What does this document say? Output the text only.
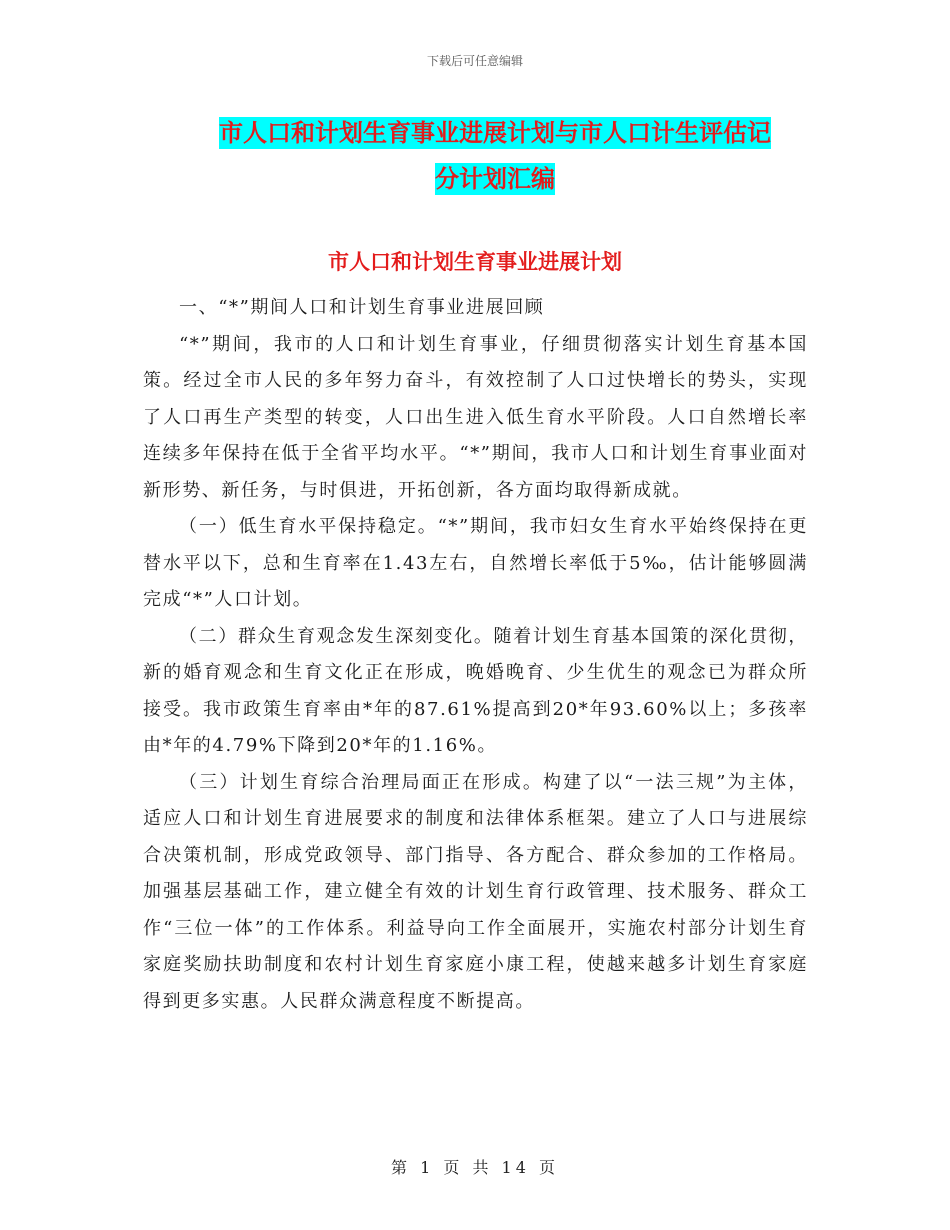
下载后可任意编辑
市人口和计划生育事业进展计划与市人口计生评估记
分计划汇编
市人口和计划生育事业进展计划

一、“*”期间人口和计划生育事业进展回顾

“*”期间，我市的人口和计划生育事业，仔细贯彻落实计划生育基本国策。经过全市人民的多年努力奋斗，有效控制了人口过快增长的势头，实现了人口再生产类型的转变，人口出生进入低生育水平阶段。人口自然增长率连续多年保持在低于全省平均水平。“*”期间，我市人口和计划生育事业面对新形势、新任务，与时俱进，开拓创新，各方面均取得新成就。

（一）低生育水平保持稳定。“*”期间，我市妇女生育水平始终保持在更替水平以下，总和生育率在1.43左右，自然增长率低于5‰，估计能够圆满完成“*”人口计划。

（二）群众生育观念发生深刻变化。随着计划生育基本国策的深化贯彻，新的婚育观念和生育文化正在形成，晚婚晚育、少生优生的观念已为群众所接受。我市政策生育率由*年的87.61%提高到20*年93.60%以上；多孩率由*年的4.79%下降到20*年的1.16%。

（三）计划生育综合治理局面正在形成。构建了以“一法三规”为主体，适应人口和计划生育进展要求的制度和法律体系框架。建立了人口与进展综合决策机制，形成党政领导、部门指导、各方配合、群众参加的工作格局。加强基层基础工作，建立健全有效的计划生育行政管理、技术服务、群众工作“三位一体”的工作体系。利益导向工作全面展开，实施农村部分计划生育家庭奖励扶助制度和农村计划生育家庭小康工程，使越来越多计划生育家庭得到更多实惠。人民群众满意程度不断提高。

第 1 页 共 14 页
